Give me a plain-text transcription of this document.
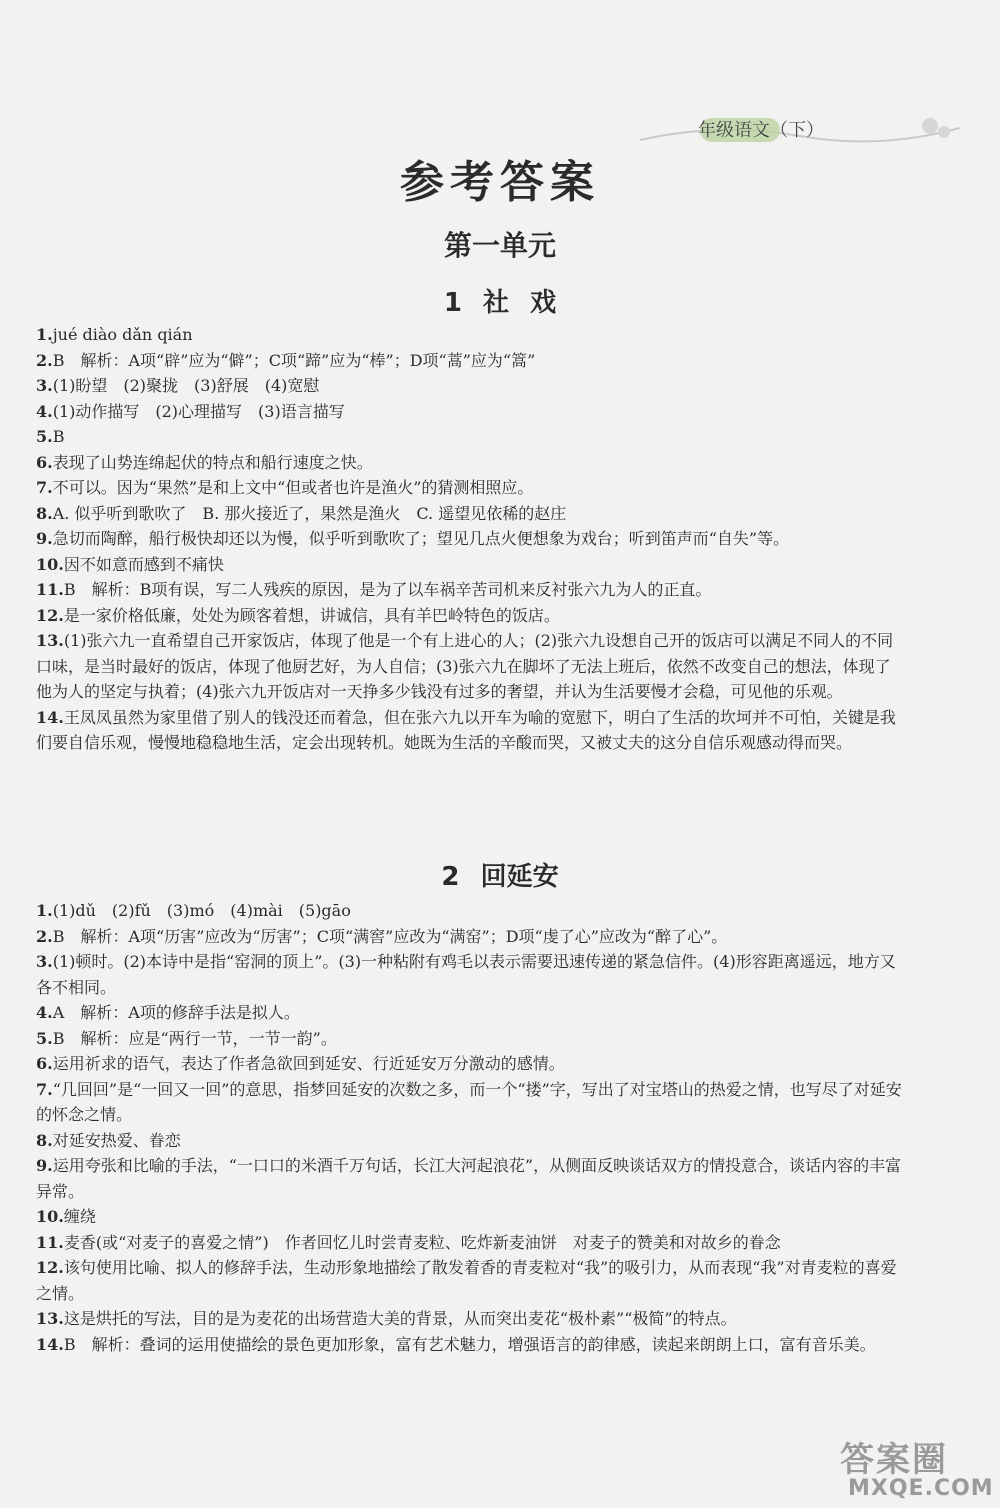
年级语文（下）
参考答案
第一单元
1 社 戏

1.jué diào dǎn qián

2.B　解析：A项“辟”应为“僻”；C项“蹄”应为“棒”；D项“蒿”应为“篙”

3.(1)盼望　(2)聚拢　(3)舒展　(4)宽慰

4.(1)动作描写　(2)心理描写　(3)语言描写

5.B

6.表现了山势连绵起伏的特点和船行速度之快。

7.不可以。因为“果然”是和上文中“但或者也许是渔火”的猜测相照应。

8.A. 似乎听到歌吹了　B. 那火接近了，果然是渔火　C. 遥望见依稀的赵庄

9.急切而陶醉，船行极快却还以为慢，似乎听到歌吹了；望见几点火便想象为戏台；听到笛声而“自失”等。

10.因不如意而感到不痛快

11.B　解析：B项有误，写二人残疾的原因，是为了以车祸辛苦司机来反衬张六九为人的正直。

12.是一家价格低廉，处处为顾客着想，讲诚信，具有羊巴岭特色的饭店。

13.(1)张六九一直希望自己开家饭店，体现了他是一个有上进心的人；(2)张六九设想自己开的饭店可以满足不同人的不同口味，是当时最好的饭店，体现了他厨艺好，为人自信；(3)张六九在脚坏了无法上班后，依然不改变自己的想法，体现了他为人的坚定与执着；(4)张六九开饭店对一天挣多少钱没有过多的奢望，并认为生活要慢才会稳，可见他的乐观。

14.王凤凤虽然为家里借了别人的钱没还而着急，但在张六九以开车为喻的宽慰下，明白了生活的坎坷并不可怕，关键是我们要自信乐观，慢慢地稳稳地生活，定会出现转机。她既为生活的辛酸而哭，又被丈夫的这分自信乐观感动得而哭。

2 回延安

1.(1)dǔ　(2)fǔ　(3)mó　(4)mài　(5)gāo

2.B　解析：A项“历害”应改为“厉害”；C项“满窖”应改为“满窑”；D项“虔了心”应改为“醉了心”。

3.(1)顿时。(2)本诗中是指“窑洞的顶上”。(3)一种粘附有鸡毛以表示需要迅速传递的紧急信件。(4)形容距离遥远，地方又各不相同。

4.A　解析：A项的修辞手法是拟人。

5.B　解析：应是“两行一节，一节一韵”。

6.运用祈求的语气，表达了作者急欲回到延安、行近延安万分激动的感情。

7.“几回回”是“一回又一回”的意思，指梦回延安的次数之多，而一个“搂”字，写出了对宝塔山的热爱之情，也写尽了对延安的怀念之情。

8.对延安热爱、眷恋

9.运用夸张和比喻的手法，“一口口的米酒千万句话，长江大河起浪花”，从侧面反映谈话双方的情投意合，谈话内容的丰富异常。

10.缠绕

11.麦香(或“对麦子的喜爱之情”)　作者回忆儿时尝青麦粒、吃炸新麦油饼　对麦子的赞美和对故乡的眷念

12.该句使用比喻、拟人的修辞手法，生动形象地描绘了散发着香的青麦粒对“我”的吸引力，从而表现“我”对青麦粒的喜爱之情。

13.这是烘托的写法，目的是为麦花的出场营造大美的背景，从而突出麦花“极朴素”“极简”的特点。

14.B　解析：叠词的运用使描绘的景色更加形象，富有艺术魅力，增强语言的韵律感，读起来朗朗上口，富有音乐美。

答案圈
MXQE.COM
